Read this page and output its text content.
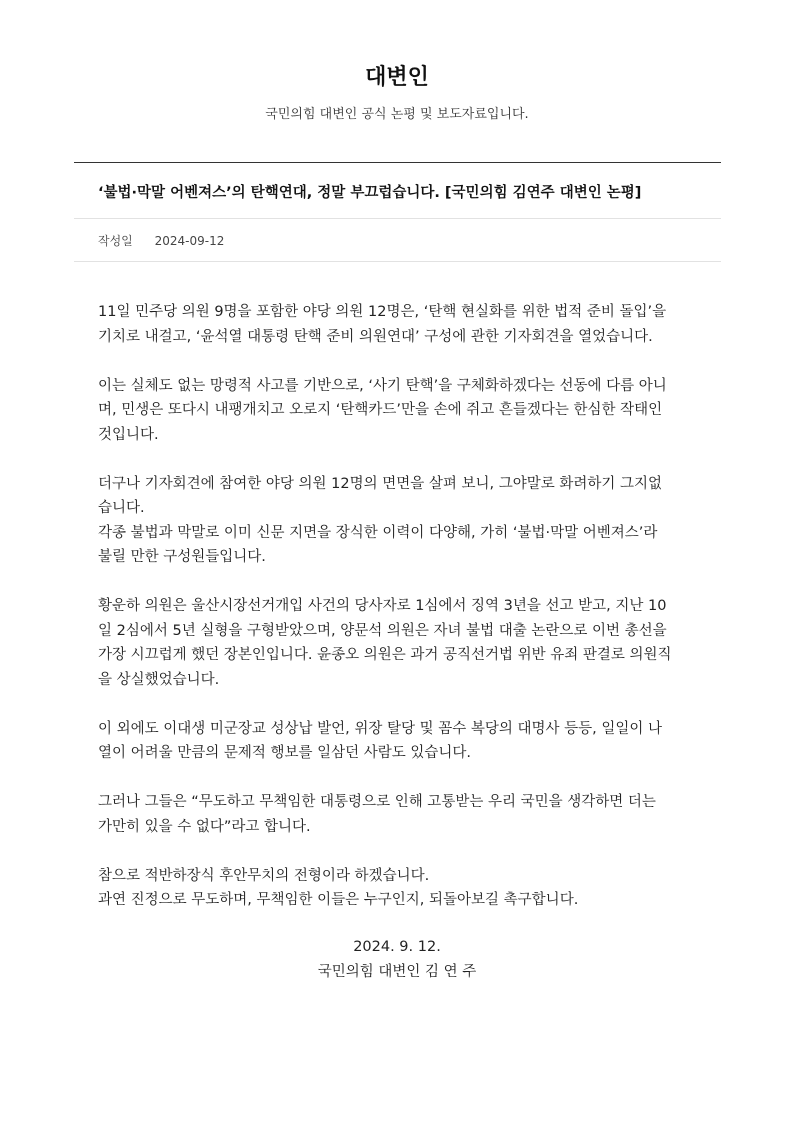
대변인
국민의힘 대변인 공식 논평 및 보도자료입니다.
‘불법·막말 어벤져스’의 탄핵연대, 정말 부끄럽습니다. [국민의힘 김연주 대변인 논평]
작성일 2024-09-12

11일 민주당 의원 9명을 포함한 야당 의원 12명은, ‘탄핵 현실화를 위한 법적 준비 돌입’을
기치로 내걸고, ‘윤석열 대통령 탄핵 준비 의원연대’ 구성에 관한 기자회견을 열었습니다.

이는 실체도 없는 망령적 사고를 기반으로, ‘사기 탄핵’을 구체화하겠다는 선동에 다름 아니
며, 민생은 또다시 내팽개치고 오로지 ‘탄핵카드’만을 손에 쥐고 흔들겠다는 한심한 작태인
것입니다.

더구나 기자회견에 참여한 야당 의원 12명의 면면을 살펴 보니, 그야말로 화려하기 그지없
습니다.
각종 불법과 막말로 이미 신문 지면을 장식한 이력이 다양해, 가히 ‘불법·막말 어벤져스’라
불릴 만한 구성원들입니다.

황운하 의원은 울산시장선거개입 사건의 당사자로 1심에서 징역 3년을 선고 받고, 지난 10
일 2심에서 5년 실형을 구형받았으며, 양문석 의원은 자녀 불법 대출 논란으로 이번 총선을
가장 시끄럽게 했던 장본인입니다. 윤종오 의원은 과거 공직선거법 위반 유죄 판결로 의원직
을 상실했었습니다.

이 외에도 이대생 미군장교 성상납 발언, 위장 탈당 및 꼼수 복당의 대명사 등등, 일일이 나
열이 어려울 만큼의 문제적 행보를 일삼던 사람도 있습니다.

그러나 그들은 “무도하고 무책임한 대통령으로 인해 고통받는 우리 국민을 생각하면 더는
가만히 있을 수 없다”라고 합니다.

참으로 적반하장식 후안무치의 전형이라 하겠습니다.
과연 진정으로 무도하며, 무책임한 이들은 누구인지, 되돌아보길 촉구합니다.

2024. 9. 12.
국민의힘 대변인 김 연 주
